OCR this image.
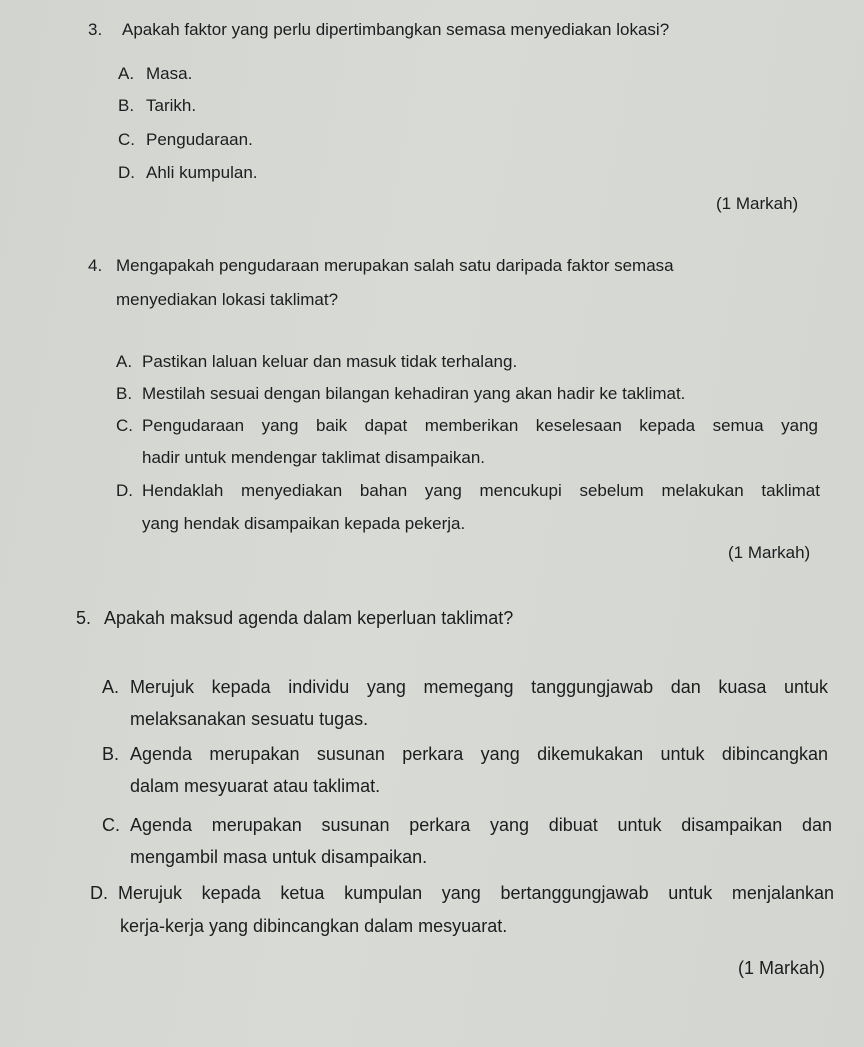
3. Apakah faktor yang perlu dipertimbangkan semasa menyediakan lokasi?
A. Masa.
B. Tarikh.
C. Pengudaraan.
D. Ahli kumpulan.
(1 Markah)
4. Mengapakah pengudaraan merupakan salah satu daripada faktor semasa
menyediakan lokasi taklimat?
A. Pastikan laluan keluar dan masuk tidak terhalang.
B. Mestilah sesuai dengan bilangan kehadiran yang akan hadir ke taklimat.
C. Pengudaraan yang baik dapat memberikan keselesaan kepada semua yang
hadir untuk mendengar taklimat disampaikan.
D. Hendaklah menyediakan bahan yang mencukupi sebelum melakukan taklimat
yang hendak disampaikan kepada pekerja.
(1 Markah)
5. Apakah maksud agenda dalam keperluan taklimat?
A. Merujuk kepada individu yang memegang tanggungjawab dan kuasa untuk
melaksanakan sesuatu tugas.
B. Agenda merupakan susunan perkara yang dikemukakan untuk dibincangkan
dalam mesyuarat atau taklimat.
C. Agenda merupakan susunan perkara yang dibuat untuk disampaikan dan
mengambil masa untuk disampaikan.
D. Merujuk kepada ketua kumpulan yang bertanggungjawab untuk menjalankan
kerja-kerja yang dibincangkan dalam mesyuarat.
(1 Markah)
